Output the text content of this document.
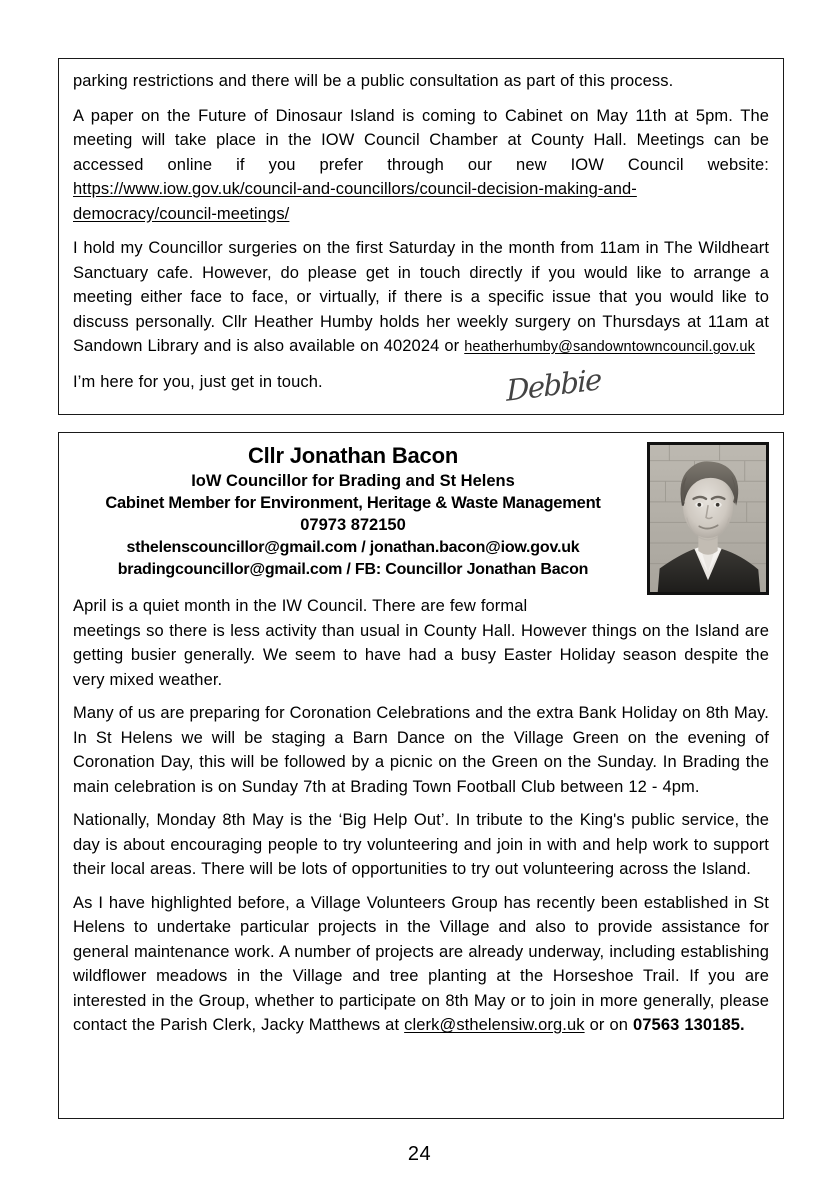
parking restrictions and there will be a public consultation as part of this process.

A paper on the Future of Dinosaur Island is coming to Cabinet on May 11th at 5pm. The meeting will take place in the IOW Council Chamber at County Hall. Meetings can be accessed online if you prefer through our new IOW Council website: https://www.iow.gov.uk/council-and-councillors/council-decision-making-and-democracy/council-meetings/

I hold my Councillor surgeries on the first Saturday in the month from 11am in The Wildheart Sanctuary cafe. However, do please get in touch directly if you would like to arrange a meeting either face to face, or virtually, if there is a specific issue that you would like to discuss personally. Cllr Heather Humby holds her weekly surgery on Thursdays at 11am at Sandown Library and is also available on 402024 or heatherhumby@sandowntowncouncil.gov.uk

I’m here for you, just get in touch.	Debbie
Cllr Jonathan Bacon
IoW Councillor for Brading and St Helens
Cabinet Member for Environment, Heritage & Waste Management
07973 872150
sthelenscouncillor@gmail.com / jonathan.bacon@iow.gov.uk
bradingcouncillor@gmail.com / FB: Councillor Jonathan Bacon

April is a quiet month in the IW Council. There are few formal
meetings so there is less activity than usual in County Hall. However things on the Island are getting busier generally. We seem to have had a busy Easter Holiday season despite the very mixed weather.

Many of us are preparing for Coronation Celebrations and the extra Bank Holiday on 8th May. In St Helens we will be staging a Barn Dance on the Village Green on the evening of Coronation Day, this will be followed by a picnic on the Green on the Sunday. In Brading the main celebration is on Sunday 7th at Brading Town Football Club between 12 - 4pm.

Nationally, Monday 8th May is the ‘Big Help Out’. In tribute to the King's public service, the day is about encouraging people to try volunteering and join in with and help work to support their local areas. There will be lots of opportunities to try out volunteering across the Island.

As I have highlighted before, a Village Volunteers Group has recently been established in St Helens to undertake particular projects in the Village and also to provide assistance for general maintenance work. A number of projects are already underway, including establishing wildflower meadows in the Village and tree planting at the Horseshoe Trail. If you are interested in the Group, whether to participate on 8th May or to join in more generally, please contact the Parish Clerk, Jacky Matthews at clerk@sthelensiw.org.uk or on 07563 130185.

24
